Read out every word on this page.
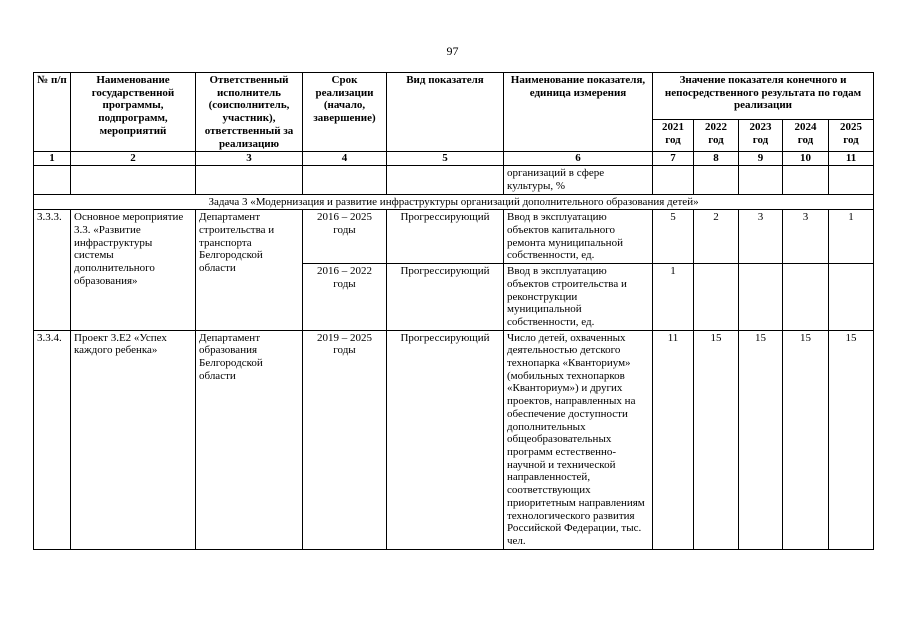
97
№ п/п	Наименование государственной программы, подпрограмм, мероприятий	Ответственный исполнитель (соисполнитель, участник), ответственный за реализацию	Срок реализации (начало, завершение)	Вид показателя	Наименование показателя, единица измерения	Значение показателя конечного и непосредственного результата по годам реализации				
						2021 год	2022 год	2023 год	2024 год	2025 год
1	2	3	4	5	6	7	8	9	10	11
					организаций в сфере культуры, %					
Задача 3 «Модернизация и развитие инфраструктуры организаций дополнительного образования детей»										
3.3.3.	Основное мероприятие 3.3. «Развитие инфраструктуры системы дополнительного образования»	Департамент строительства и транспорта Белгородской области	2016 – 2025 годы	Прогрессирующий	Ввод в эксплуатацию объектов капитального ремонта муниципальной собственности, ед.	5	2	3	3	1
			2016 – 2022 годы	Прогрессирующий	Ввод в эксплуатацию объектов строительства и реконструкции муниципальной собственности, ед.	1				
3.3.4.	Проект 3.Е2 «Успех каждого ребенка»	Департамент образования Белгородской области	2019 – 2025 годы	Прогрессирующий	Число детей, охваченных деятельностью детского технопарка «Кванториум» (мобильных технопарков «Кванториум») и других проектов, направленных на обеспечение доступности дополнительных общеобразовательных программ естественно-научной и технической направленностей, соответствующих приоритетным направлениям технологического развития Российской Федерации, тыс. чел.	11	15	15	15	15
